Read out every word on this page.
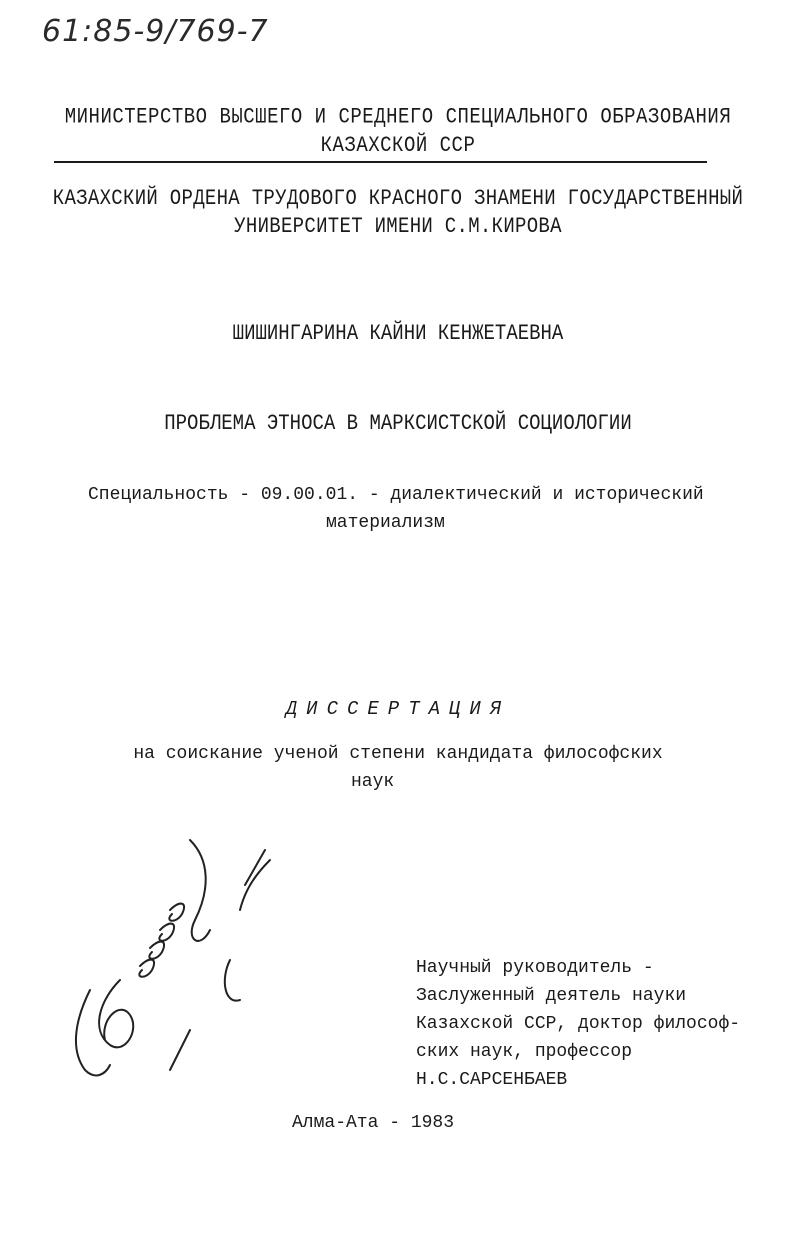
61:85-9/769-7
МИНИСТЕРСТВО ВЫСШЕГО И СРЕДНЕГО СПЕЦИАЛЬНОГО ОБРАЗОВАНИЯ
КАЗАХСКОЙ ССР
КАЗАХСКИЙ ОРДЕНА ТРУДОВОГО КРАСНОГО ЗНАМЕНИ ГОСУДАРСТВЕННЫЙ
УНИВЕРСИТЕТ ИМЕНИ С.М.КИРОВА
ШИШИНГАРИНА КАЙНИ КЕНЖЕТАЕВНА
ПРОБЛЕМА ЭТНОСА В МАРКСИСТСКОЙ СОЦИОЛОГИИ
Специальность - 09.00.01. - диалектический и исторический
материализм
ДИССЕРТАЦИЯ
на соискание ученой степени кандидата философских
наук
Научный руководитель -
Заслуженный деятель науки
Казахской ССР, доктор философ-
ских наук, профессор
Н.С.САРСЕНБАЕВ
Алма-Ата - 1983
